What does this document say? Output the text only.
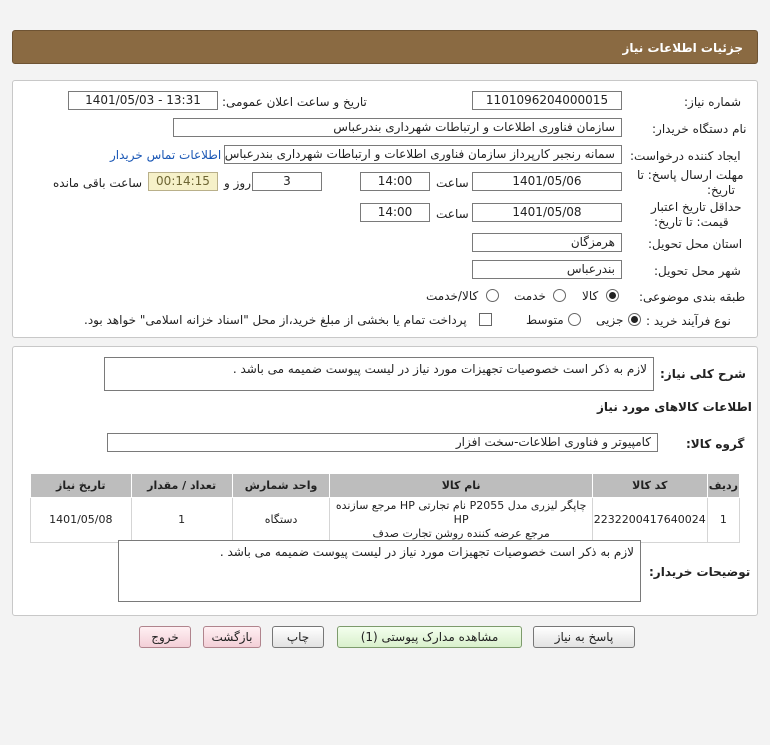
جزئیات اطلاعات نیاز
شماره نیاز:
1101096204000015
تاریخ و ساعت اعلان عمومی:
1401/05/03 - 13:31
نام دستگاه خریدار:
سازمان فناوری اطلاعات و ارتباطات شهرداری بندرعباس
ایجاد کننده درخواست:
سمانه رنجبر کارپرداز سازمان فناوری اطلاعات و ارتباطات شهرداری بندرعباس
اطلاعات تماس خریدار
مهلت ارسال پاسخ: تا
تاریخ:
1401/05/06
ساعت
14:00
3
روز و
00:14:15
ساعت باقی مانده
حداقل تاریخ اعتبار
قیمت: تا تاریخ:
1401/05/08
ساعت
14:00
استان محل تحویل:
هرمزگان
شهر محل تحویل:
بندرعباس
طبقه بندی موضوعی:
کالا
خدمت
کالا/خدمت
نوع فرآیند خرید :
جزیی
متوسط
پرداخت تمام یا بخشی از مبلغ خرید،از محل "اسناد خزانه اسلامی" خواهد بود.
شرح کلی نیاز:
لازم به ذکر است خصوصیات تجهیزات مورد نیاز در لیست پیوست ضمیمه می باشد .
اطلاعات کالاهای مورد نیاز
گروه کالا:
کامپیوتر و فناوری اطلاعات-سخت افزار
ردیف	کد کالا	نام کالا	واحد شمارش	تعداد / مقدار	تاریخ نیاز
1	2232200417640024	چاپگر لیزری مدل P2055 نام تجارتی HP مرجع سازنده HP
مرجع عرضه کننده روشن تجارت صدف	دستگاه	1	1401/05/08
توضیحات خریدار:
لازم به ذکر است خصوصیات تجهیزات مورد نیاز در لیست پیوست ضمیمه می باشد .
پاسخ به نیاز
مشاهده مدارک پیوستی (1)
چاپ
بازگشت
خروج
